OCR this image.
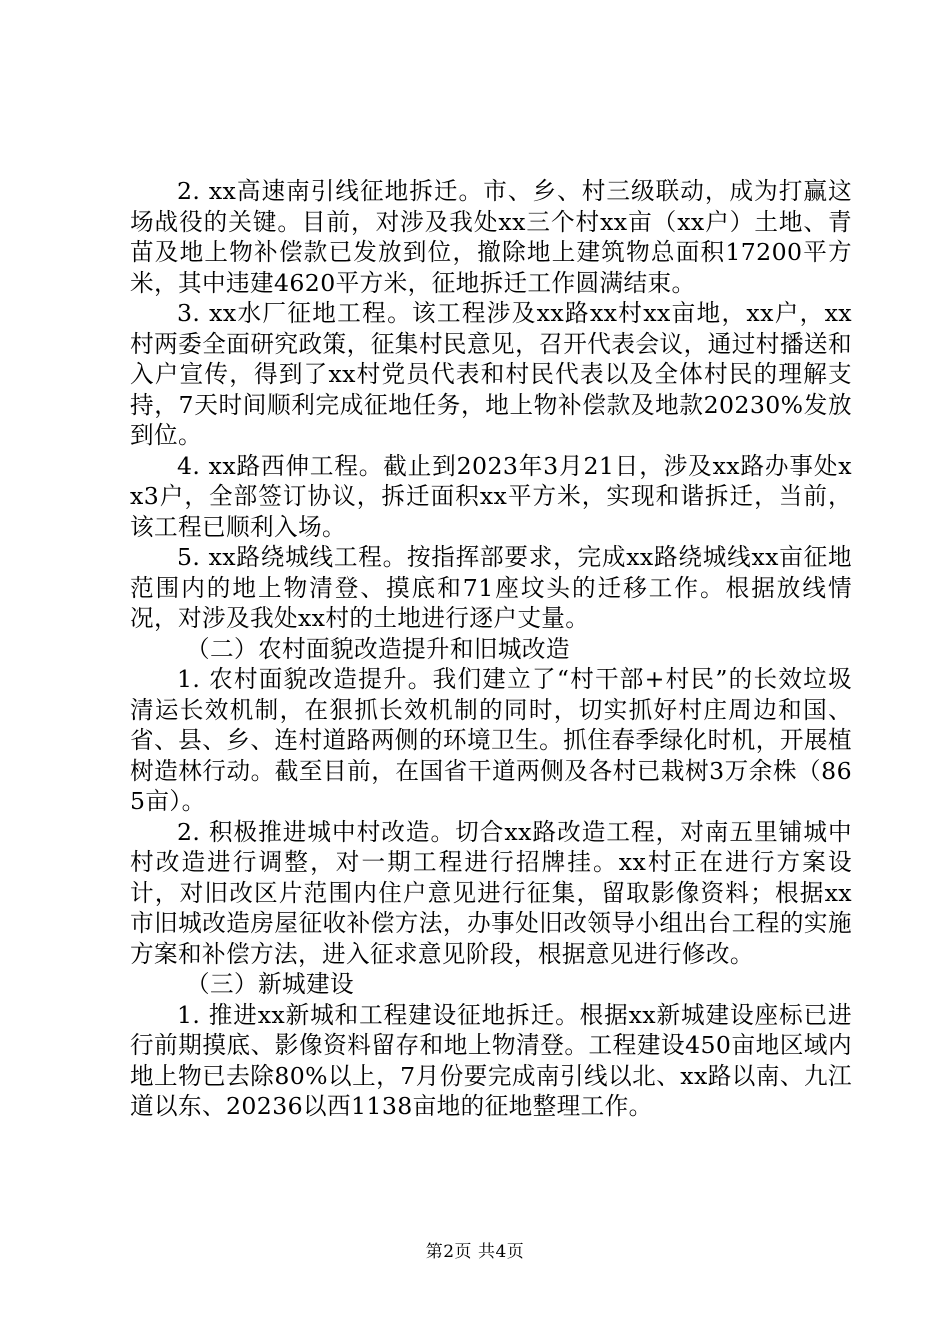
2. xx高速南引线征地拆迁。市、乡、村三级联动，成为打赢这场战役的关键。目前，对涉及我处xx三个村xx亩（xx户）土地、青苗及地上物补偿款已发放到位，撤除地上建筑物总面积17200平方米，其中违建4620平方米，征地拆迁工作圆满结束。

3. xx水厂征地工程。该工程涉及xx路xx村xx亩地，xx户，xx村两委全面研究政策，征集村民意见，召开代表会议，通过村播送和入户宣传，得到了xx村党员代表和村民代表以及全体村民的理解支持，7天时间顺利完成征地任务，地上物补偿款及地款20230%发放到位。

4. xx路西伸工程。截止到2023年3月21日，涉及xx路办事处xx3户，全部签订协议，拆迁面积xx平方米，实现和谐拆迁，当前，该工程已顺利入场。

5. xx路绕城线工程。按指挥部要求，完成xx路绕城线xx亩征地范围内的地上物清登、摸底和71座坟头的迁移工作。根据放线情况，对涉及我处xx村的土地进行逐户丈量。

（二）农村面貌改造提升和旧城改造

1. 农村面貌改造提升。我们建立了“村干部+村民”的长效垃圾清运长效机制，在狠抓长效机制的同时，切实抓好村庄周边和国、省、县、乡、连村道路两侧的环境卫生。抓住春季绿化时机，开展植树造林行动。截至目前，在国省干道两侧及各村已栽树3万余株（865亩）。

2. 积极推进城中村改造。切合xx路改造工程，对南五里铺城中村改造进行调整，对一期工程进行招牌挂。xx村正在进行方案设计，对旧改区片范围内住户意见进行征集，留取影像资料；根据xx市旧城改造房屋征收补偿方法，办事处旧改领导小组出台工程的实施方案和补偿方法，进入征求意见阶段，根据意见进行修改。

（三）新城建设

1. 推进xx新城和工程建设征地拆迁。根据xx新城建设座标已进行前期摸底、影像资料留存和地上物清登。工程建设450亩地区域内地上物已去除80%以上，7月份要完成南引线以北、xx路以南、九江道以东、20236以西1138亩地的征地整理工作。

第2页 共4页
